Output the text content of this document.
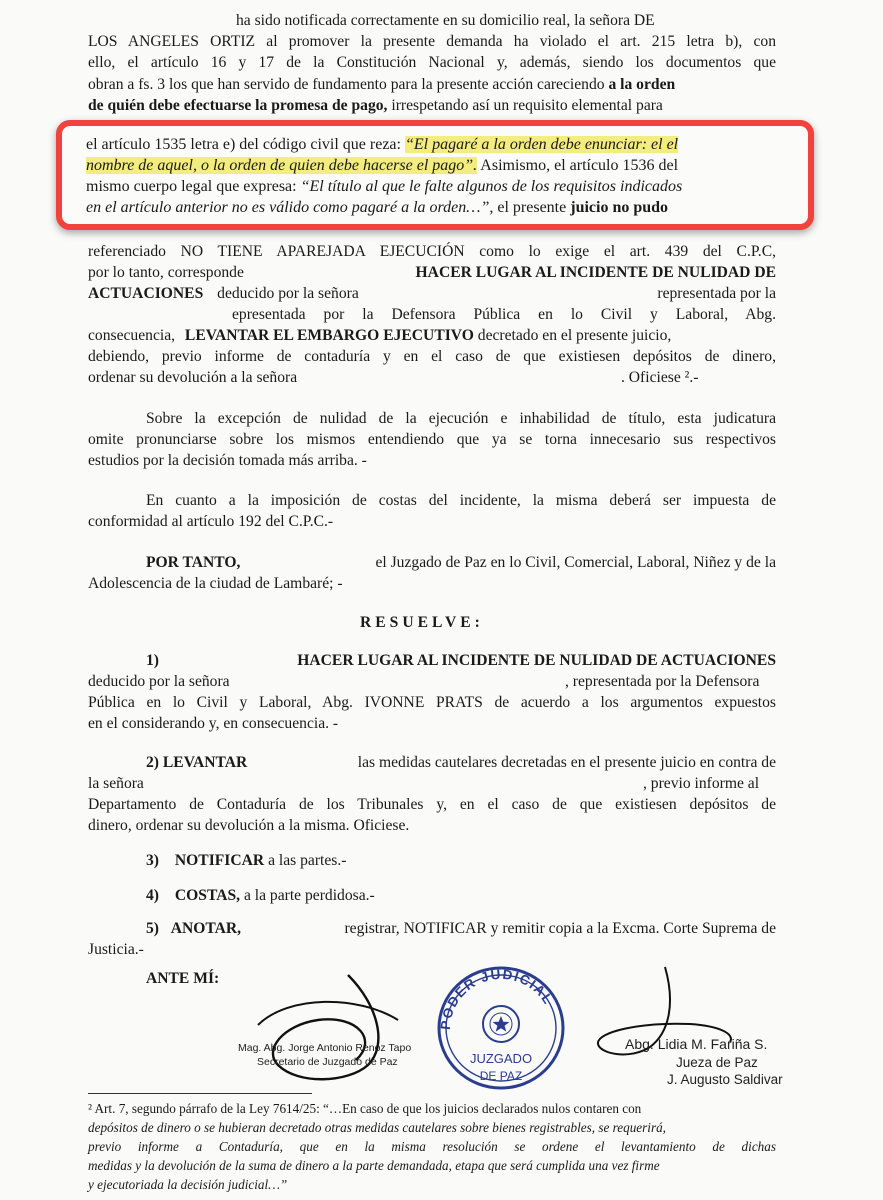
ha sido notificada correctamente en su domicilio real, la señora DE
LOS ANGELES ORTIZ al promover la presente demanda ha violado el art. 215 letra b), con
ello, el artículo 16 y 17 de la Constitución Nacional y, además, siendo los documentos que
obran a fs. 3 los que han servido de fundamento para la presente acción careciendo a la orden
de quién debe efectuarse la promesa de pago, irrespetando así un requisito elemental para
el artículo 1535 letra e) del código civil que reza: “El pagaré a la orden debe enunciar: el el
nombre de aquel, o la orden de quien debe hacerse el pago”. Asimismo, el artículo 1536 del
mismo cuerpo legal que expresa: “El título al que le falte algunos de los requisitos indicados
en el artículo anterior no es válido como pagaré a la orden…”, el presente juicio no pudo
referenciado NO TIENE APAREJADA EJECUCIÓN como lo exige el art. 439 del C.P.C,
por lo tanto, corresponde	HACER LUGAR AL INCIDENTE DE NULIDAD DE
ACTUACIONES deducido por la señora	representada por la
epresentada por la Defensora Pública en lo Civil y Laboral, Abg.
consecuencia, LEVANTAR EL EMBARGO EJECUTIVO decretado en el presente juicio,
debiendo, previo informe de contaduría y en el caso de que existiesen depósitos de dinero,
ordenar su devolución a la señora	. Oficiese ².-
Sobre la excepción de nulidad de la ejecución e inhabilidad de título, esta judicatura
omite pronunciarse sobre los mismos entendiendo que ya se torna innecesario sus respectivos
estudios por la decisión tomada más arriba. -
En cuanto a la imposición de costas del incidente, la misma deberá ser impuesta de
conformidad al artículo 192 del C.P.C.-
POR TANTO,	el Juzgado de Paz en lo Civil, Comercial, Laboral, Niñez y de la
Adolescencia de la ciudad de Lambaré; -
RESUELVE:
1)	HACER LUGAR AL INCIDENTE DE NULIDAD DE ACTUACIONES
deducido por la señora	, representada por la Defensora
Pública en lo Civil y Laboral, Abg. IVONNE PRATS de acuerdo a los argumentos expuestos
en el considerando y, en consecuencia. -
2) LEVANTAR	las medidas cautelares decretadas en el presente juicio en contra de
la señora	, previo informe al
Departamento de Contaduría de los Tribunales y, en el caso de que existiesen depósitos de
dinero, ordenar su devolución a la misma. Oficiese.
3) NOTIFICAR a las partes.-
4) COSTAS, a la parte perdidosa.-
5) ANOTAR,	registrar, NOTIFICAR y remitir copia a la Excma. Corte Suprema de
Justicia.-
ANTE MÍ:
Mag. Abg. Jorge Antonio Renoz Tapo
Secretario de Juzgado de Paz
PODER JUDICIAL
JUZGADO
DE PAZ
Abg. Lidia M. Fariña S.
Jueza de Paz
J. Augusto Saldivar
² Art. 7, segundo párrafo de la Ley 7614/25: “…En caso de que los juicios declarados nulos contaren con
depósitos de dinero o se hubieran decretado otras medidas cautelares sobre bienes registrables, se requerirá,
previo informe a Contaduría, que en la misma resolución se ordene el levantamiento de dichas
medidas y la devolución de la suma de dinero a la parte demandada, etapa que será cumplida una vez firme
y ejecutoriada la decisión judicial…”
